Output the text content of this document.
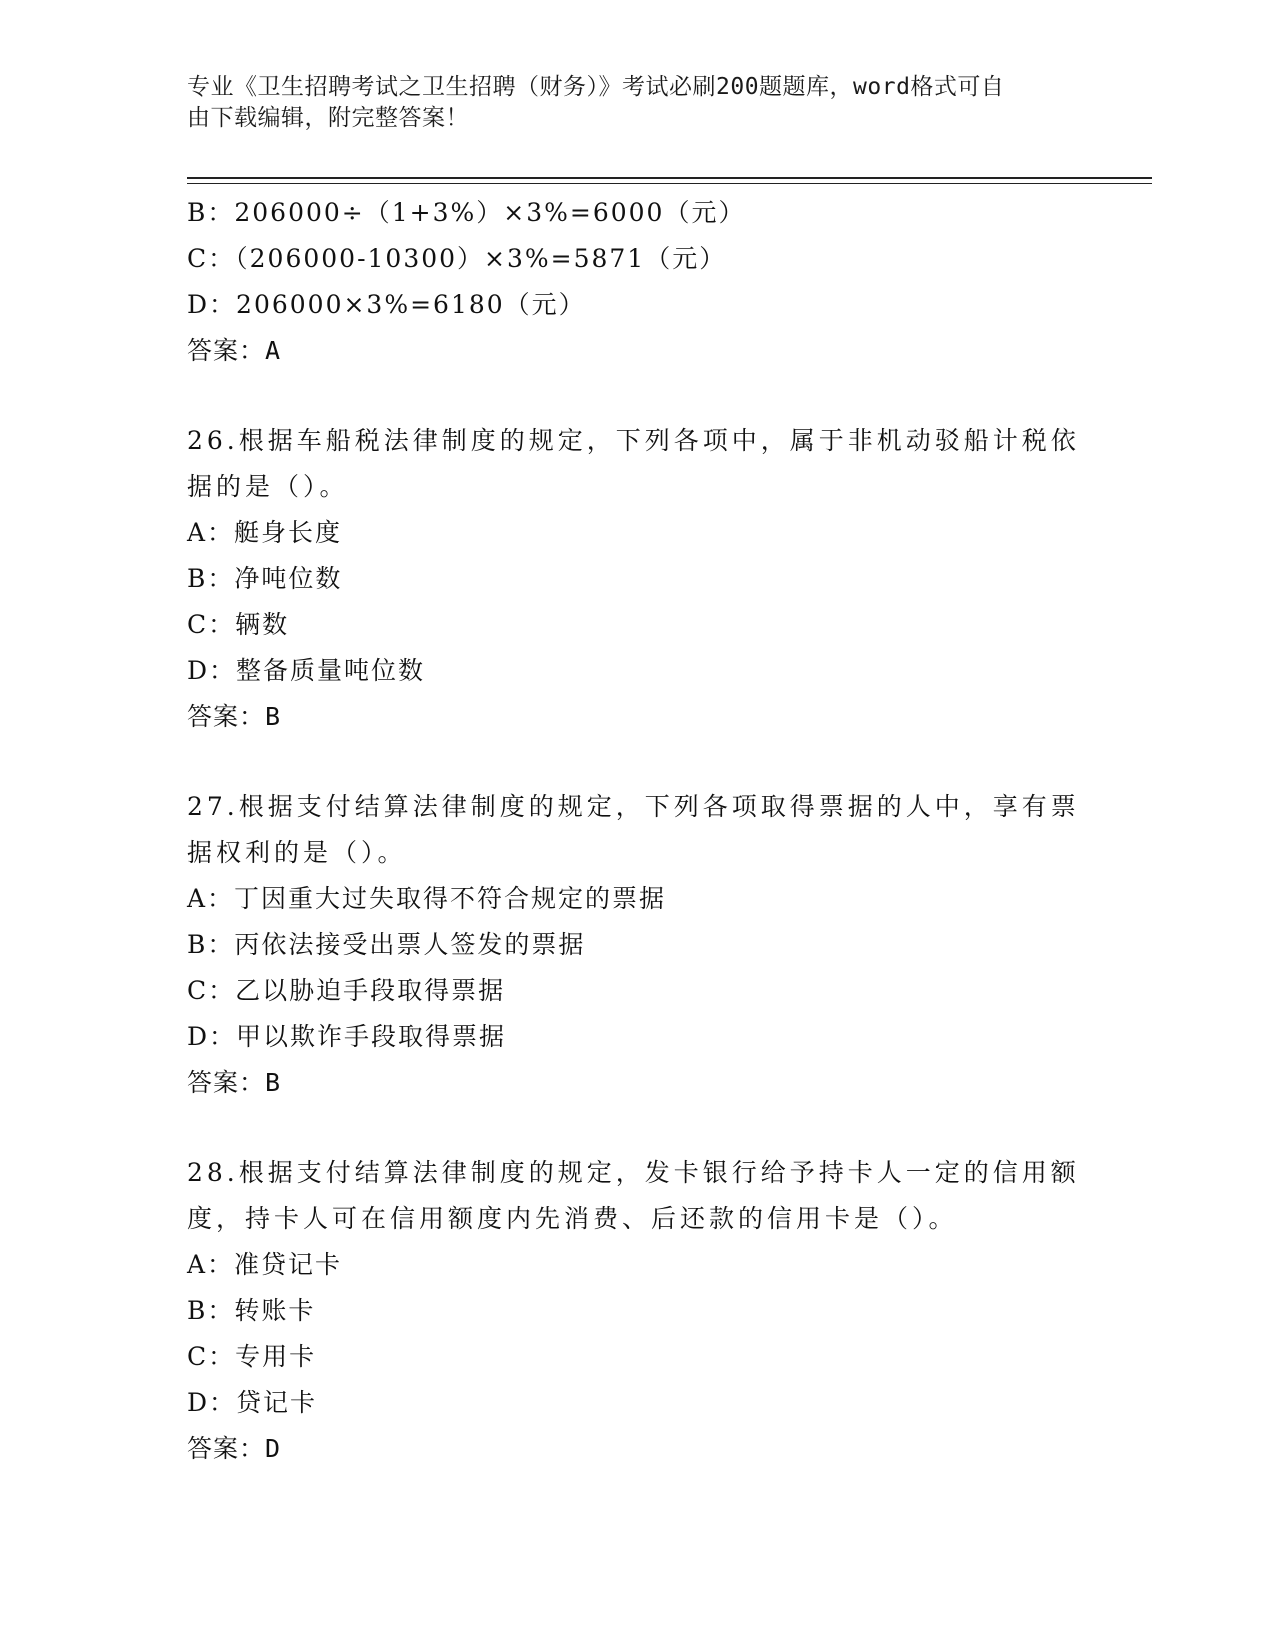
专业《卫生招聘考试之卫生招聘（财务）》考试必刷200题题库，word格式可自
由下载编辑，附完整答案！
B：206000÷（1+3%）×3%=6000（元）
C：（206000-10300）×3%=5871（元）
D：206000×3%=6180（元）
答案：A
26.根据车船税法律制度的规定，下列各项中，属于非机动驳船计税依
据的是（）。
A：艇身长度
B：净吨位数
C：辆数
D：整备质量吨位数
答案：B
27.根据支付结算法律制度的规定，下列各项取得票据的人中，享有票
据权利的是（）。
A：丁因重大过失取得不符合规定的票据
B：丙依法接受出票人签发的票据
C：乙以胁迫手段取得票据
D：甲以欺诈手段取得票据
答案：B
28.根据支付结算法律制度的规定，发卡银行给予持卡人一定的信用额
度，持卡人可在信用额度内先消费、后还款的信用卡是（）。
A：准贷记卡
B：转账卡
C：专用卡
D：贷记卡
答案：D
